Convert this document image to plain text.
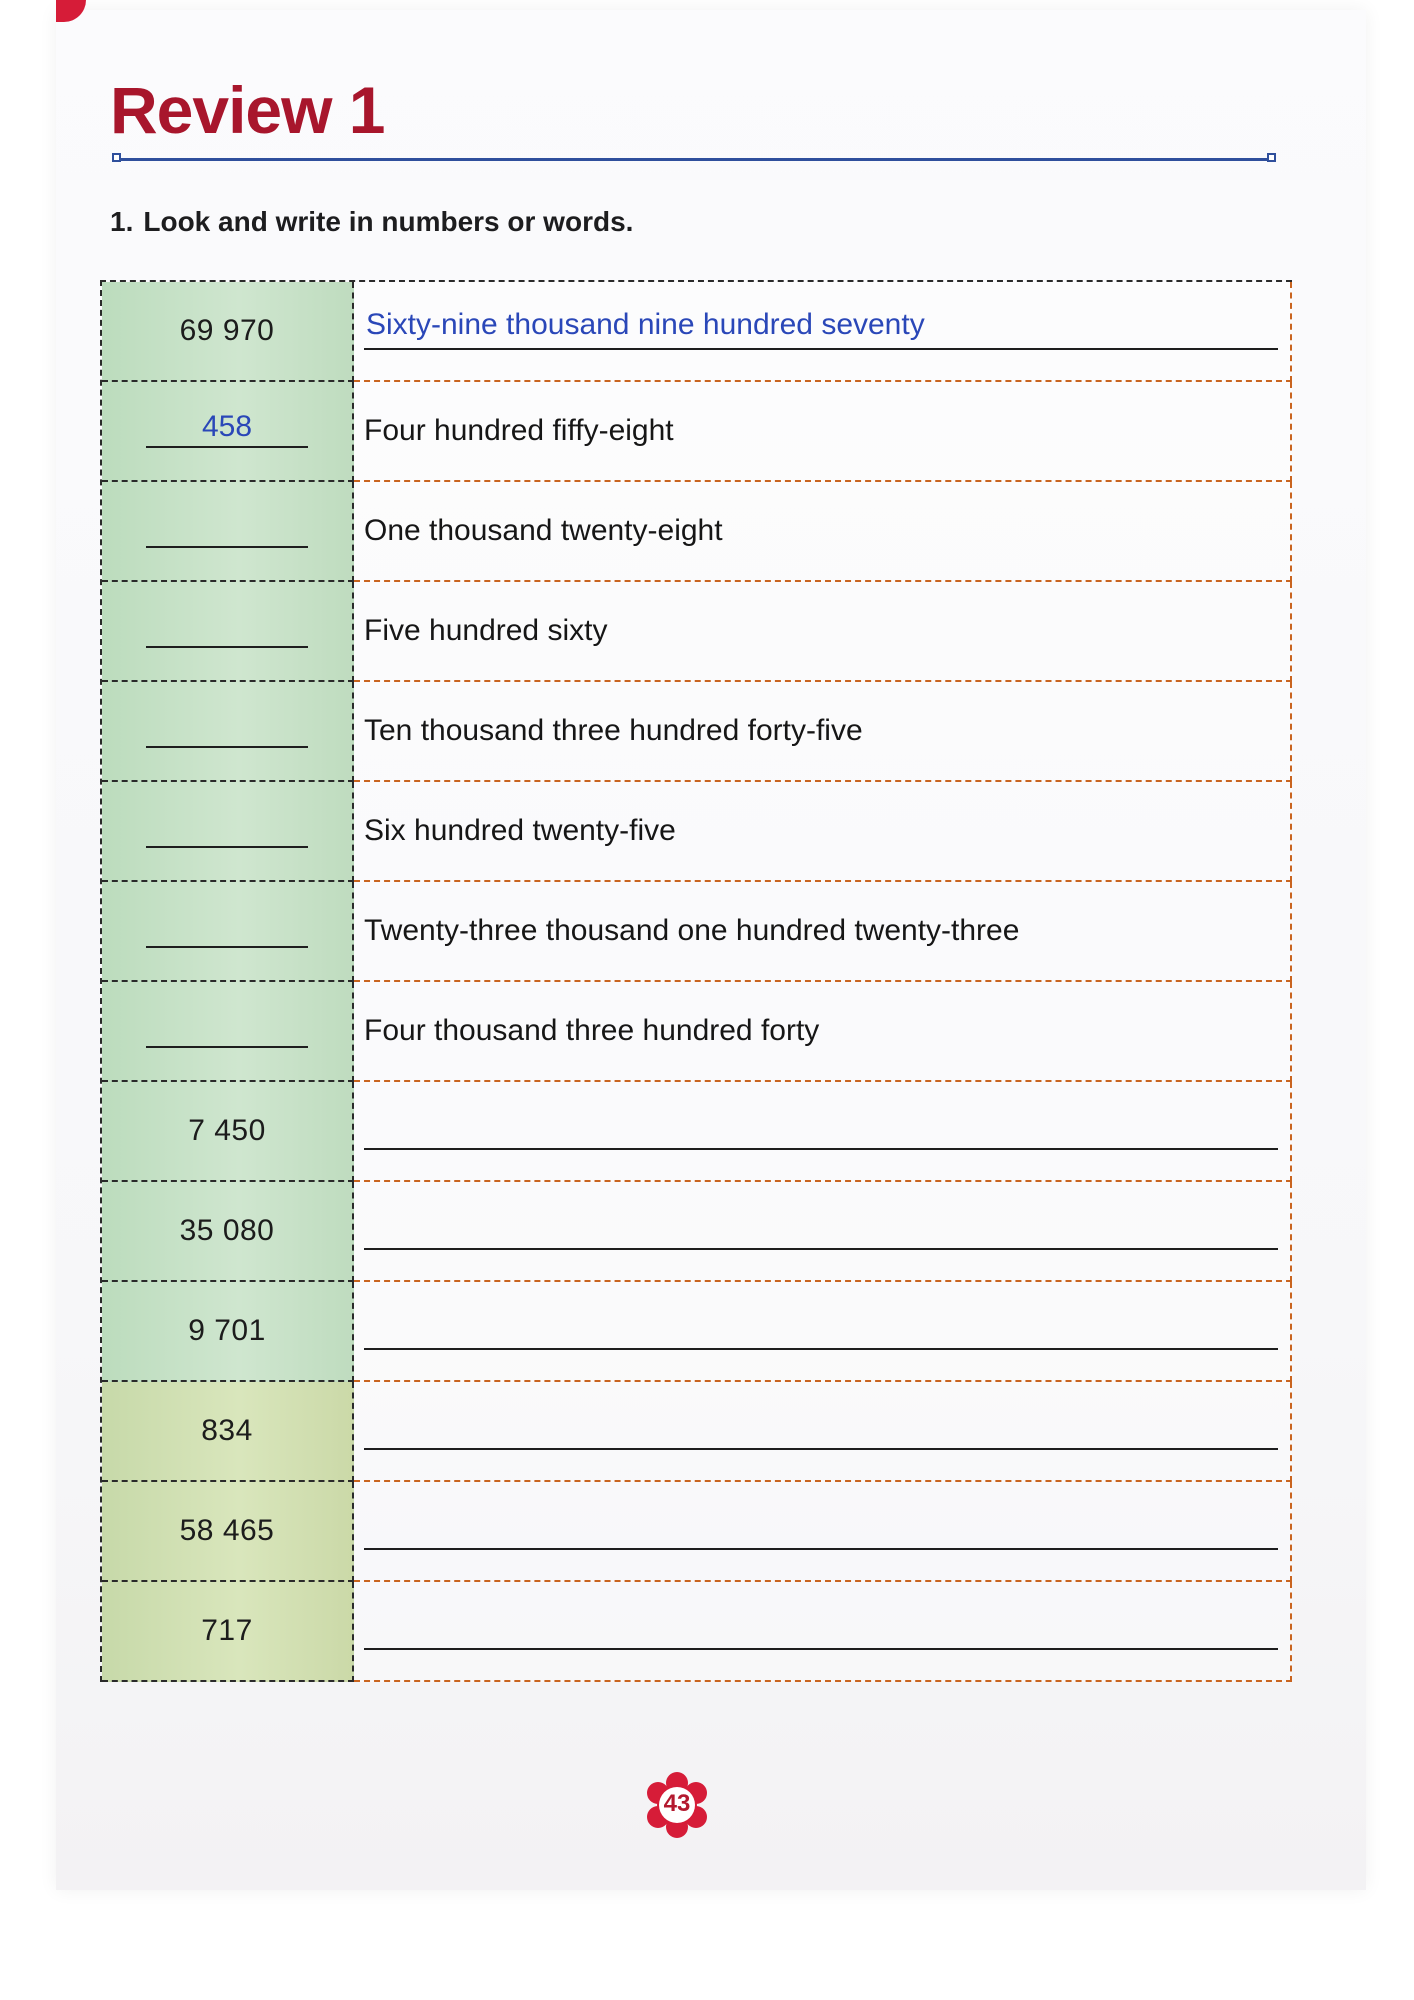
Review 1
1. Look and write in numbers or words.
69 970	Sixty-nine thousand nine hundred seventy
458	Four hundred fiffy-eight
One thousand twenty-eight
Five hundred sixty
Ten thousand three hundred forty-five
Six hundred twenty-five
Twenty-three thousand one hundred twenty-three
Four thousand three hundred forty
7 450
35 080
9 701
834
58 465
717
43
